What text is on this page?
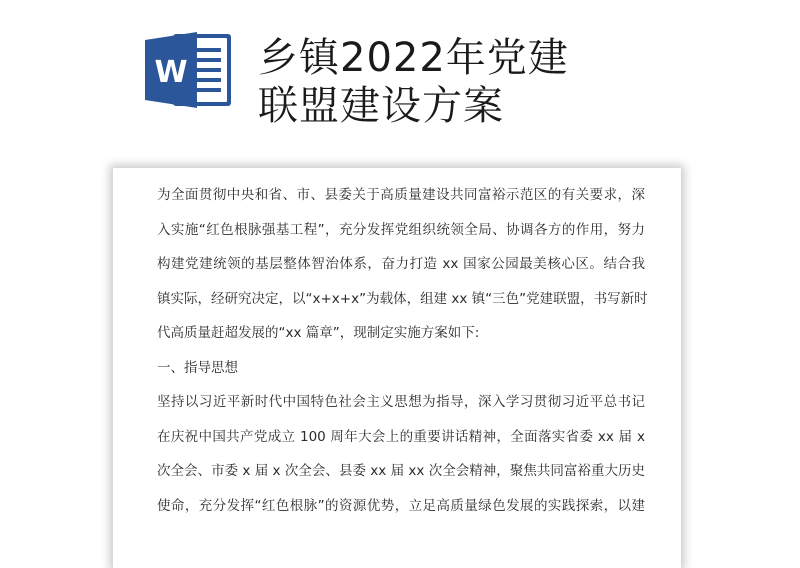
W 乡镇2022年党建
联盟建设方案
为全面贯彻中央和省、市、县委关于高质量建设共同富裕示范区的有关要求，深
入实施“红色根脉强基工程”，充分发挥党组织统领全局、协调各方的作用，努力
构建党建统领的基层整体智治体系，奋力打造 xx 国家公园最美核心区。结合我
镇实际，经研究决定，以“x+x+x”为载体，组建 xx 镇“三色”党建联盟，书写新时
代高质量赶超发展的“xx 篇章”，现制定实施方案如下:
一、指导思想
坚持以习近平新时代中国特色社会主义思想为指导，深入学习贯彻习近平总书记
在庆祝中国共产党成立 100 周年大会上的重要讲话精神，全面落实省委 xx 届 x
次全会、市委 x 届 x 次全会、县委 xx 届 xx 次全会精神，聚焦共同富裕重大历史
使命，充分发挥“红色根脉”的资源优势，立足高质量绿色发展的实践探索，以建
